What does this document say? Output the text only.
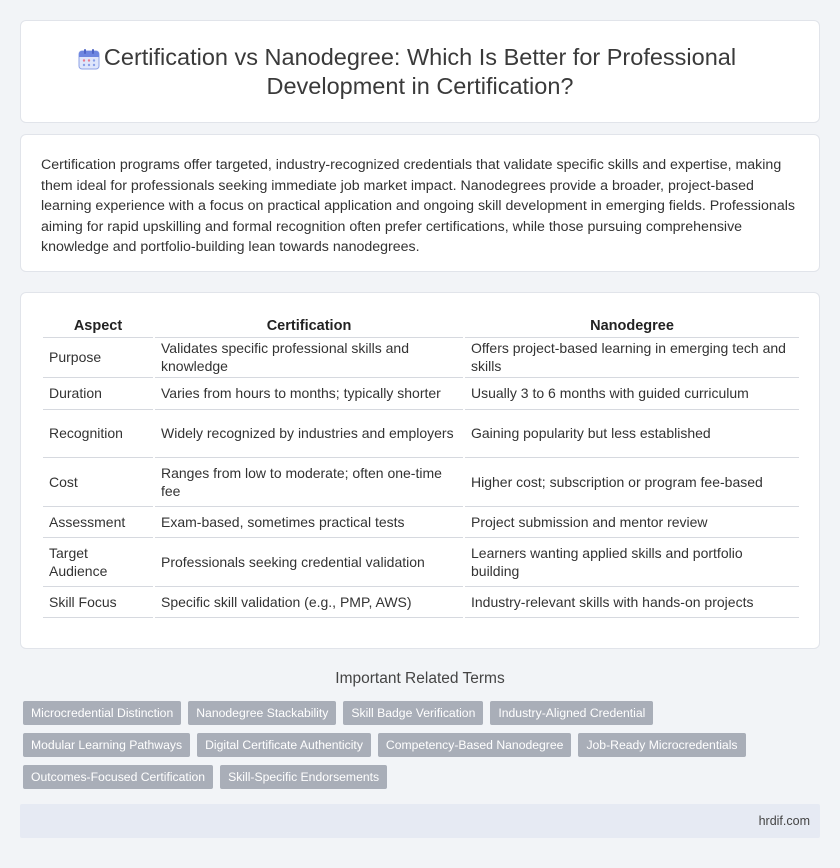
Certification vs Nanodegree: Which Is Better for Professional Development in Certification?

Certification programs offer targeted, industry-recognized credentials that validate specific skills and expertise, making them ideal for professionals seeking immediate job market impact. Nanodegrees provide a broader, project-based learning experience with a focus on practical application and ongoing skill development in emerging fields. Professionals aiming for rapid upskilling and formal recognition often prefer certifications, while those pursuing comprehensive knowledge and portfolio-building lean towards nanodegrees.

Aspect	Certification	Nanodegree
Purpose	Validates specific professional skills and knowledge	Offers project-based learning in emerging tech and skills
Duration	Varies from hours to months; typically shorter	Usually 3 to 6 months with guided curriculum
Recognition	Widely recognized by industries and employers	Gaining popularity but less established
Cost	Ranges from low to moderate; often one-time fee	Higher cost; subscription or program fee-based
Assessment	Exam-based, sometimes practical tests	Project submission and mentor review
Target Audience	Professionals seeking credential validation	Learners wanting applied skills and portfolio building
Skill Focus	Specific skill validation (e.g., PMP, AWS)	Industry-relevant skills with hands-on projects
Important Related Terms
Microcredential Distinction	Nanodegree Stackability	Skill Badge Verification	Industry-Aligned Credential
Modular Learning Pathways	Digital Certificate Authenticity	Competency-Based Nanodegree	Job-Ready Microcredentials
Outcomes-Focused Certification	Skill-Specific Endorsements
hrdif.com
